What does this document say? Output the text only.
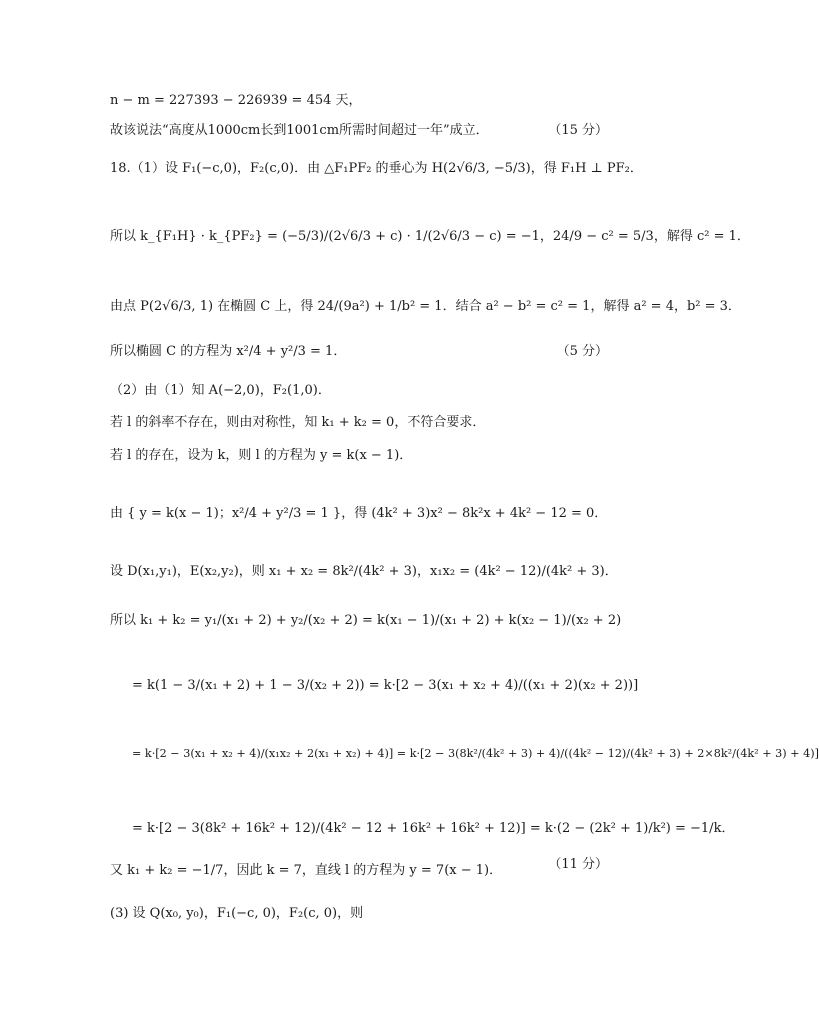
n − m = 227393 − 226939 = 454 天，
故该说法“高度从1000cm长到1001cm所需时间超过一年”成立．	（15 分）
18.（1）设 F₁(−c,0)，F₂(c,0)．由 △F₁PF₂ 的垂心为 H(2√6/3, −5/3)，得 F₁H ⊥ PF₂．
所以 k_{F₁H} · k_{PF₂} = (−5/3)/(2√6/3 + c) · 1/(2√6/3 − c) = −1，24/9 − c² = 5/3，解得 c² = 1．
由点 P(2√6/3, 1) 在椭圆 C 上，得 24/(9a²) + 1/b² = 1．结合 a² − b² = c² = 1，解得 a² = 4，b² = 3．
所以椭圆 C 的方程为 x²/4 + y²/3 = 1．	（5 分）
（2）由（1）知 A(−2,0)，F₂(1,0)．
若 l 的斜率不存在，则由对称性，知 k₁ + k₂ = 0，不符合要求．
若 l 的存在，设为 k，则 l 的方程为 y = k(x − 1)．
由 { y = k(x − 1)；x²/4 + y²/3 = 1 }，得 (4k² + 3)x² − 8k²x + 4k² − 12 = 0．
设 D(x₁,y₁)，E(x₂,y₂)，则 x₁ + x₂ = 8k²/(4k² + 3)，x₁x₂ = (4k² − 12)/(4k² + 3)．
所以 k₁ + k₂ = y₁/(x₁ + 2) + y₂/(x₂ + 2) = k(x₁ − 1)/(x₁ + 2) + k(x₂ − 1)/(x₂ + 2)
= k(1 − 3/(x₁ + 2) + 1 − 3/(x₂ + 2)) = k·[2 − 3(x₁ + x₂ + 4)/((x₁ + 2)(x₂ + 2))]
= k·[2 − 3(x₁ + x₂ + 4)/(x₁x₂ + 2(x₁ + x₂) + 4)] = k·[2 − 3(8k²/(4k² + 3) + 4)/((4k² − 12)/(4k² + 3) + 2×8k²/(4k² + 3) + 4)]
= k·[2 − 3(8k² + 16k² + 12)/(4k² − 12 + 16k² + 16k² + 12)] = k·(2 − (2k² + 1)/k²) = −1/k．
又 k₁ + k₂ = −1/7，因此 k = 7，直线 l 的方程为 y = 7(x − 1)．	（11 分）
(3) 设 Q(x₀, y₀)，F₁(−c, 0)，F₂(c, 0)，则
